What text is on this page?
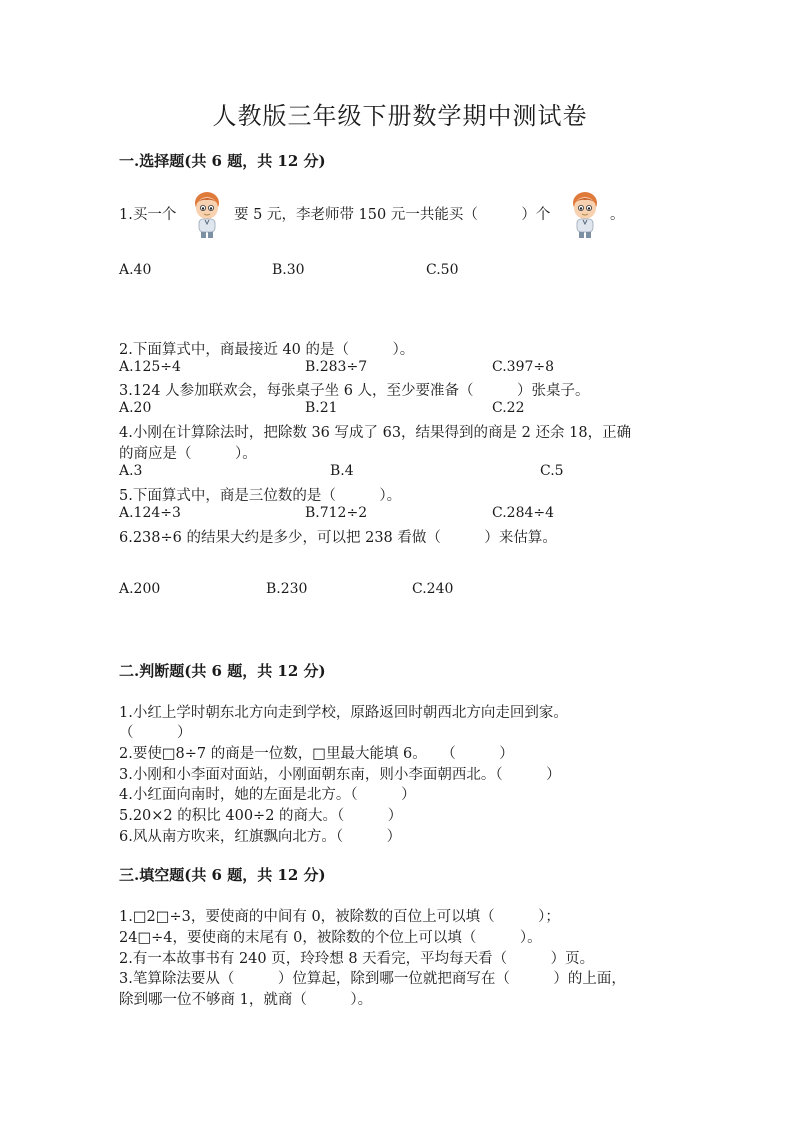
人教版三年级下册数学期中测试卷
一.选择题(共 6 题，共 12 分)
1.买一个	要 5 元，李老师带 150 元一共能买（　　　）个	。
A.40	B.30	C.50
2.下面算式中，商最接近 40 的是（　　　）。
A.125÷4	B.283÷7	C.397÷8
3.124 人参加联欢会，每张桌子坐 6 人，至少要准备（　　　）张桌子。
A.20	B.21	C.22
4.小刚在计算除法时，把除数 36 写成了 63，结果得到的商是 2 还余 18，正确
的商应是（　　　）。
A.3	B.4	C.5
5.下面算式中，商是三位数的是（　　　）。
A.124÷3	B.712÷2	C.284÷4
6.238÷6 的结果大约是多少，可以把 238 看做（　　　）来估算。
A.200	B.230	C.240
二.判断题(共 6 题，共 12 分)
1.小红上学时朝东北方向走到学校，原路返回时朝西北方向走回到家。
（　　　）
2.要使□8÷7 的商是一位数，□里最大能填 6。　　（　　　）
3.小刚和小李面对面站，小刚面朝东南，则小李面朝西北。（　　　）
4.小红面向南时，她的左面是北方。（　　　）
5.20×2 的积比 400÷2 的商大。（　　　）
6.风从南方吹来，红旗飘向北方。（　　　）
三.填空题(共 6 题，共 12 分)
1.□2□÷3，要使商的中间有 0，被除数的百位上可以填（　　　）；
24□÷4，要使商的末尾有 0，被除数的个位上可以填（　　　）。
2.有一本故事书有 240 页，玲玲想 8 天看完，平均每天看（　　　）页。
3.笔算除法要从（　　　）位算起，除到哪一位就把商写在（　　　）的上面，
除到哪一位不够商 1，就商（　　　）。
